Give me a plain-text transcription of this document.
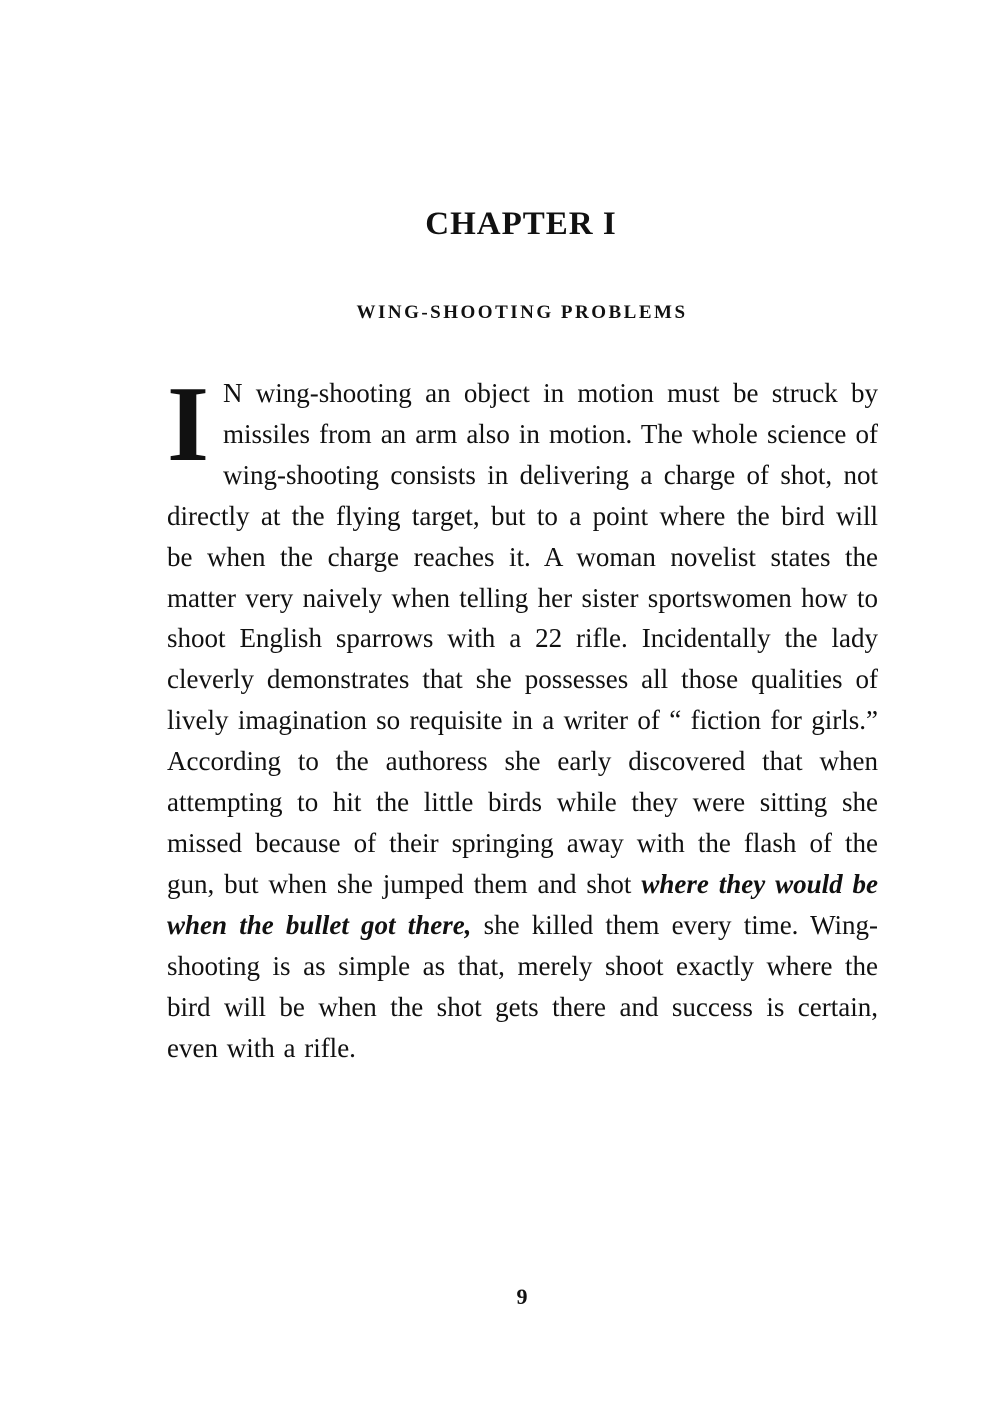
CHAPTER I
WING-SHOOTING PROBLEMS

I N wing-shooting an object in motion must be struck by missiles from an arm also in motion. The whole science of wing-shooting consists in delivering a charge of shot, not directly at the flying target, but to a point where the bird will be when the charge reaches it. A woman novelist states the matter very naively when telling her sister sportswomen how to shoot English sparrows with a 22 rifle. Incidentally the lady cleverly demonstrates that she possesses all those qualities of lively imagination so requisite in a writer of “ fiction for girls.” According to the authoress she early discovered that when attempting to hit the little birds while they were sitting she missed because of their springing away with the flash of the gun, but when she jumped them and shot where they would be when the bullet got there, she killed them every time. Wing-shooting is as simple as that, merely shoot exactly where the bird will be when the shot gets there and success is certain, even with a rifle.

9
